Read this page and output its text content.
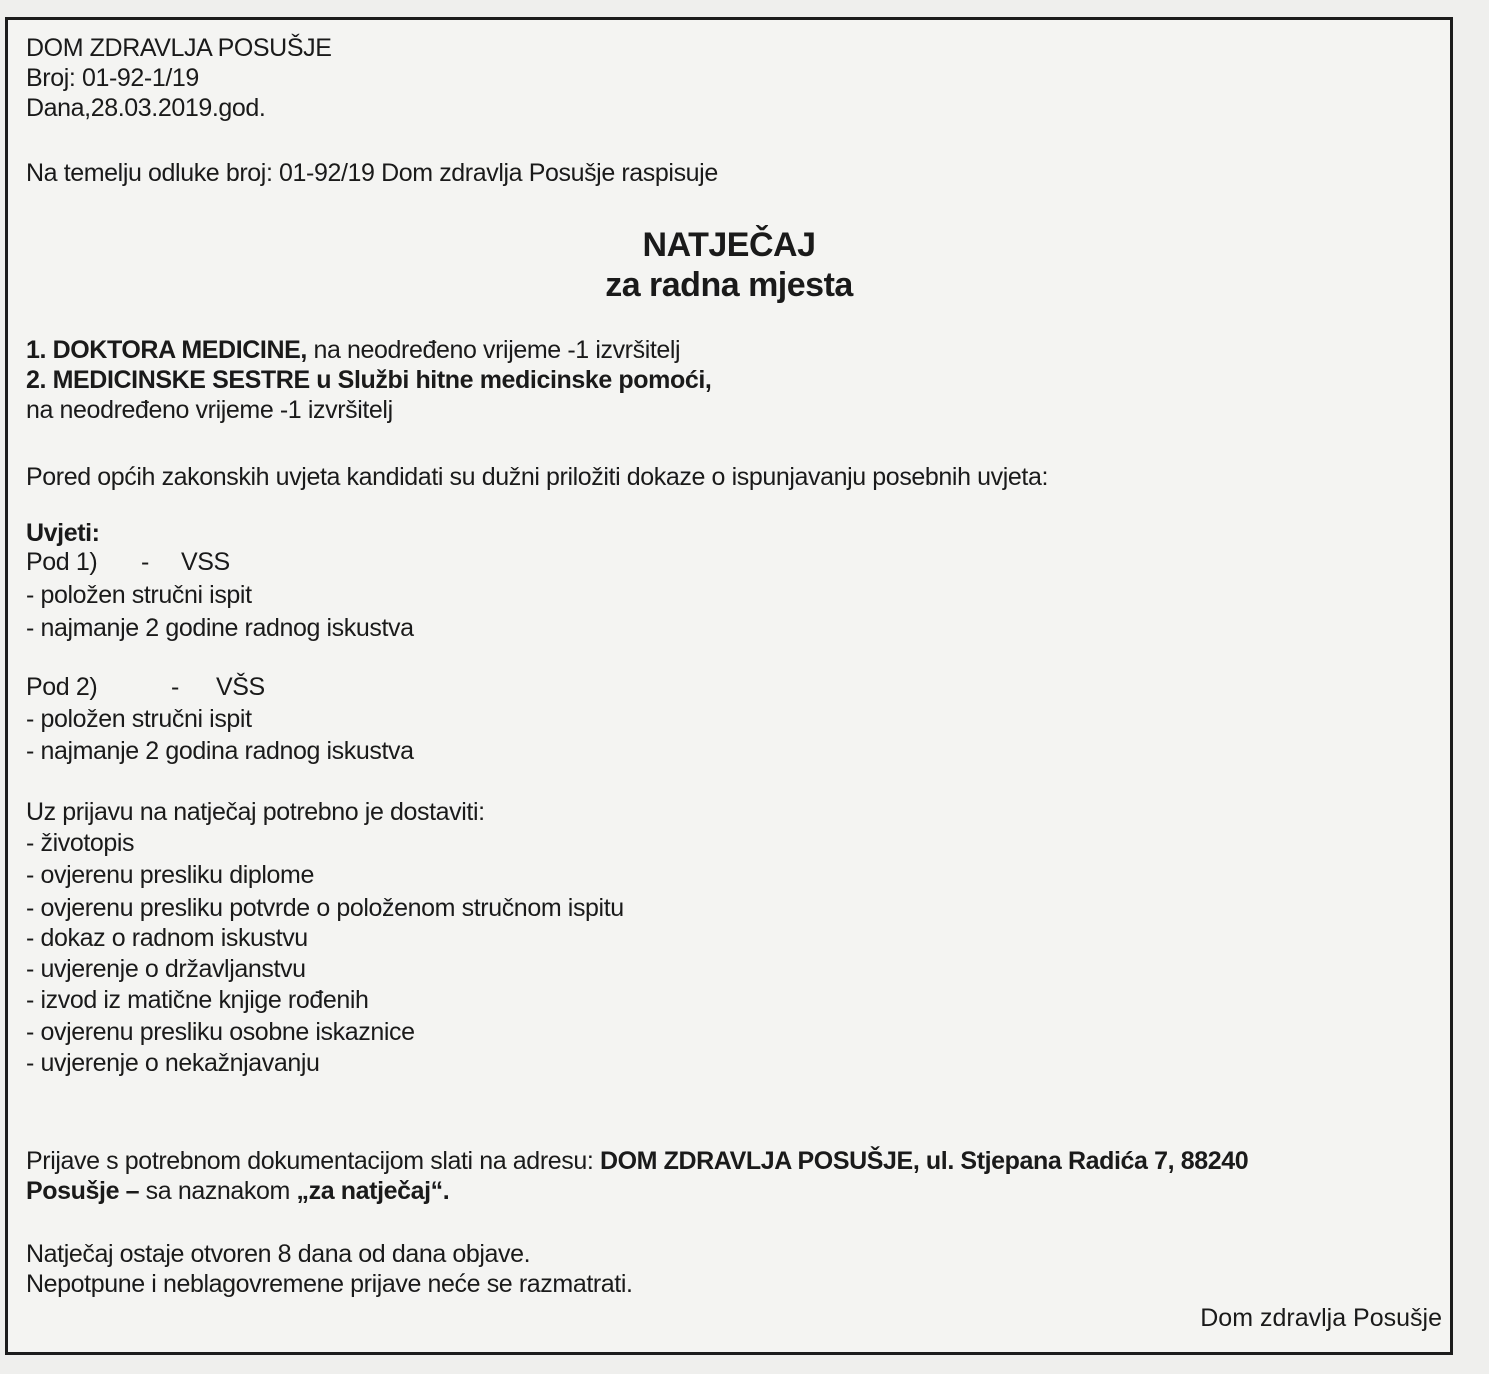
DOM ZDRAVLJA POSUŠJE
Broj: 01-92-1/19
Dana,28.03.2019.god.
Na temelju odluke broj: 01-92/19 Dom zdravlja Posušje raspisuje
NATJEČAJ
za radna mjesta
1. DOKTORA MEDICINE, na neodređeno vrijeme -1 izvršitelj
2. MEDICINSKE SESTRE u Službi hitne medicinske pomoći,
na neodređeno vrijeme -1 izvršitelj
Pored općih zakonskih uvjeta kandidati su dužni priložiti dokaze o ispunjavanju posebnih uvjeta:
Uvjeti:
Pod 1) - VSS
- položen stručni ispit
- najmanje 2 godine radnog iskustva
Pod 2)	- VŠS
- položen stručni ispit
- najmanje 2 godina radnog iskustva
Uz prijavu na natječaj potrebno je dostaviti:
- životopis
- ovjerenu presliku diplome
- ovjerenu presliku potvrde o položenom stručnom ispitu
- dokaz o radnom iskustvu
- uvjerenje o državljanstvu
- izvod iz matične knjige rođenih
- ovjerenu presliku osobne iskaznice
- uvjerenje o nekažnjavanju
Prijave s potrebnom dokumentacijom slati na adresu: DOM ZDRAVLJA POSUŠJE, ul. Stjepana Radića 7, 88240
Posušje – sa naznakom „za natječaj“.
Natječaj ostaje otvoren 8 dana od dana objave.
Nepotpune i neblagovremene prijave neće se razmatrati.
Dom zdravlja Posušje
